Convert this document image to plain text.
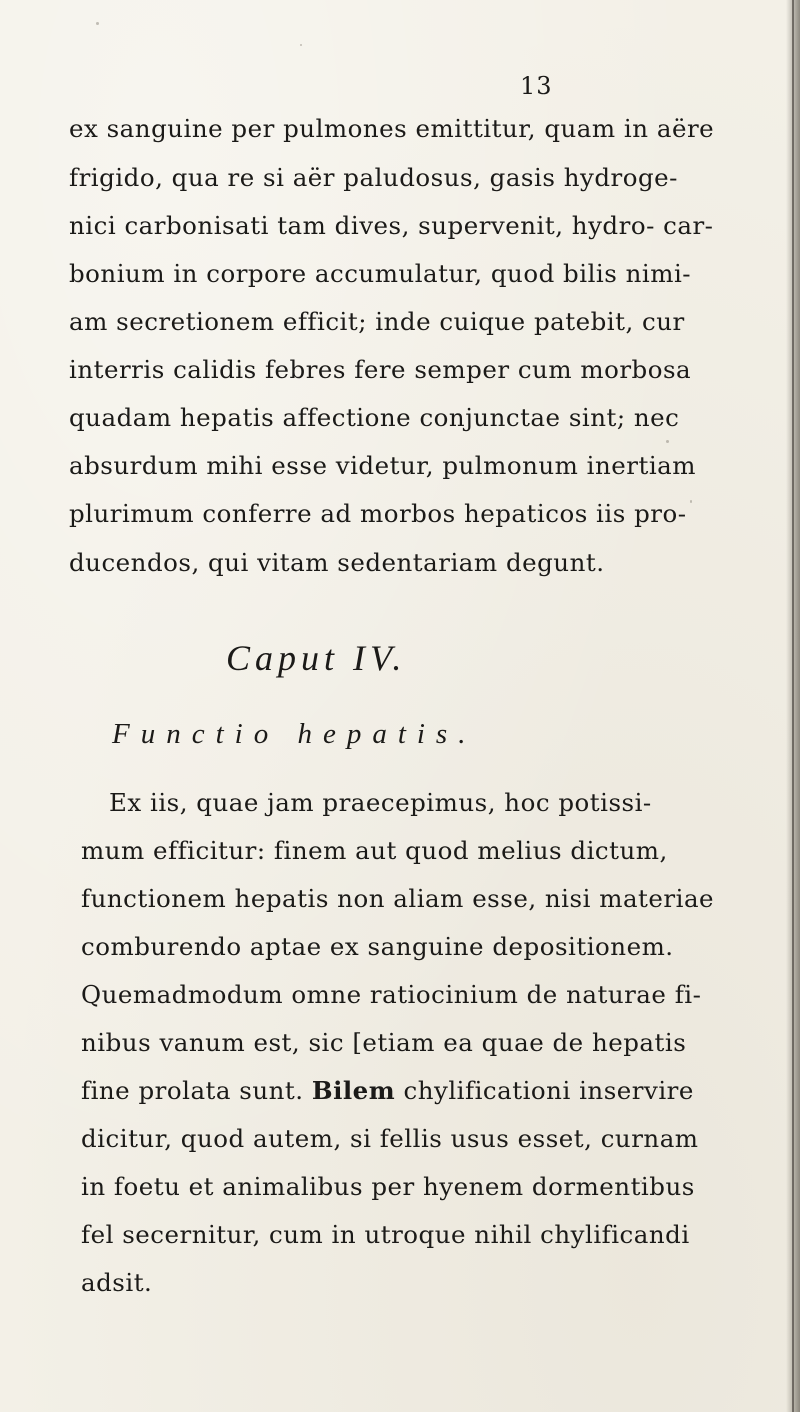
13
ex sanguine per pulmones emittitur, quam in aëre
frigido, qua re si aër paludosus, gasis hydroge-
nici carbonisati tam dives, supervenit, hydro- car-
bonium in corpore accumulatur, quod bilis nimi-
am secretionem efficit; inde cuique patebit, cur
interris calidis febres fere semper cum morbosa
quadam hepatis affectione conjunctae sint; nec
absurdum mihi esse videtur, pulmonum inertiam
plurimum conferre ad morbos hepaticos iis pro-
ducendos, qui vitam sedentariam degunt.
Caput IV.
Functio hepatis.
Ex iis, quae jam praecepimus, hoc potissi-
mum efficitur: finem aut quod melius dictum,
functionem hepatis non aliam esse, nisi materiae
comburendo aptae ex sanguine depositionem.
Quemadmodum omne ratiocinium de naturae fi-
nibus vanum est, sic [etiam ea quae de hepatis
fine prolata sunt. Bilem chylificationi inservire
dicitur, quod autem, si fellis usus esset, curnam
in foetu et animalibus per hyenem dormentibus
fel secernitur, cum in utroque nihil chylificandi
adsit.
